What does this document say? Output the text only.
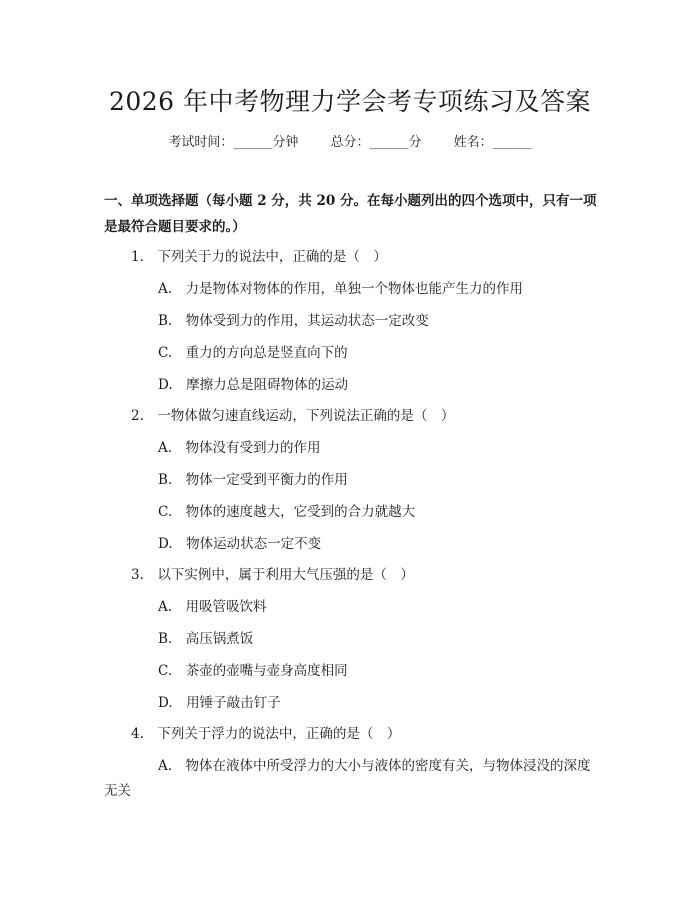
2026 年中考物理力学会考专项练习及答案
考试时间：______分钟 总分：______分 姓名：______
一、单项选择题（每小题 2 分，共 20 分。在每小题列出的四个选项中，只有一项是最符合题目要求的。）
1.　下列关于力的说法中，正确的是（　）
A.　力是物体对物体的作用，单独一个物体也能产生力的作用
B.　物体受到力的作用，其运动状态一定改变
C.　重力的方向总是竖直向下的
D.　摩擦力总是阻碍物体的运动
2.　一物体做匀速直线运动，下列说法正确的是（　）
A.　物体没有受到力的作用
B.　物体一定受到平衡力的作用
C.　物体的速度越大，它受到的合力就越大
D.　物体运动状态一定不变
3.　以下实例中，属于利用大气压强的是（　）
A.　用吸管吸饮料
B.　高压锅煮饭
C.　茶壶的壶嘴与壶身高度相同
D.　用锤子敲击钉子
4.　下列关于浮力的说法中，正确的是（　）
A.　物体在液体中所受浮力的大小与液体的密度有关，与物体浸没的深度
无关
